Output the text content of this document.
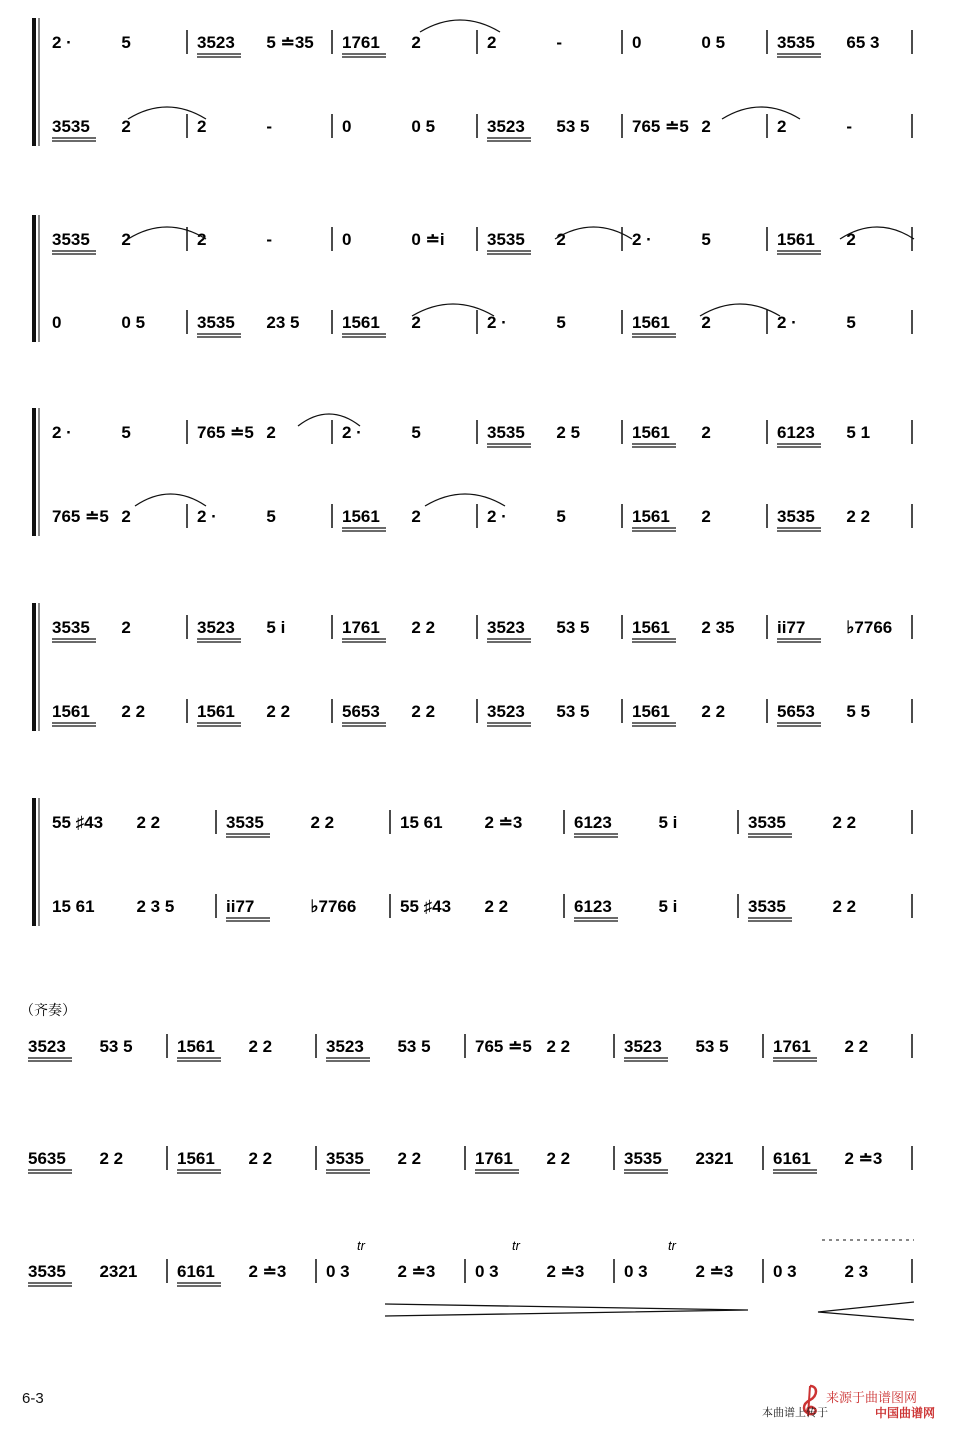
2 ·	5	3523 5 ≐35 1761 2	2	-	0	0 5	3535 65 3
3535 2	2	-	0	0 5	3523 53 5	765 ≐5 2	2	-
3535 2	2	-	0	0 ≐i 3535 2	2 ·	5	1561 2
0	0 5	3535 23 5	1561 2	2 ·	5	1561 2	2 ·	5
2 ·	5	765 ≐5 2	2 ·	5	3535 2 5	1561 2	6123 5 1
765 ≐5 2	2 ·	5	1561 2	2 ·	5	1561 2	3535 2 2
3535 2	3523 5 i	1761 2 2	3523 53 5	1561 2 35	ii77 ♭7766
1561 2 2	1561 2 2	5653 2 2	3523 53 5	1561 2 2	5653 5 5
55 ♯43 2 2	3535	2 2	15 61 2 ≐3	6123	5 i	3535	2 2
15 61 2 3 5	ii77	♭7766	55 ♯43 2 2	6123	5 i	3535	2 2
（齐奏）
3523 53 5	1561 2 2	3523 53 5	765 ≐5 2 2	3523 53 5	1761 2 2
5635 2 2	1561 2 2	3535 2 2	1761 2 2	3535 2321 6161 2 ≐3
3535 2321 6161 2 ≐3 0 3	2 ≐3 0 3	2 ≐3 0 3	2 ≐3 0 3	2 3
tr	tr	tr
6-3	来源于曲谱图网
本曲谱上传于	中国曲谱网
